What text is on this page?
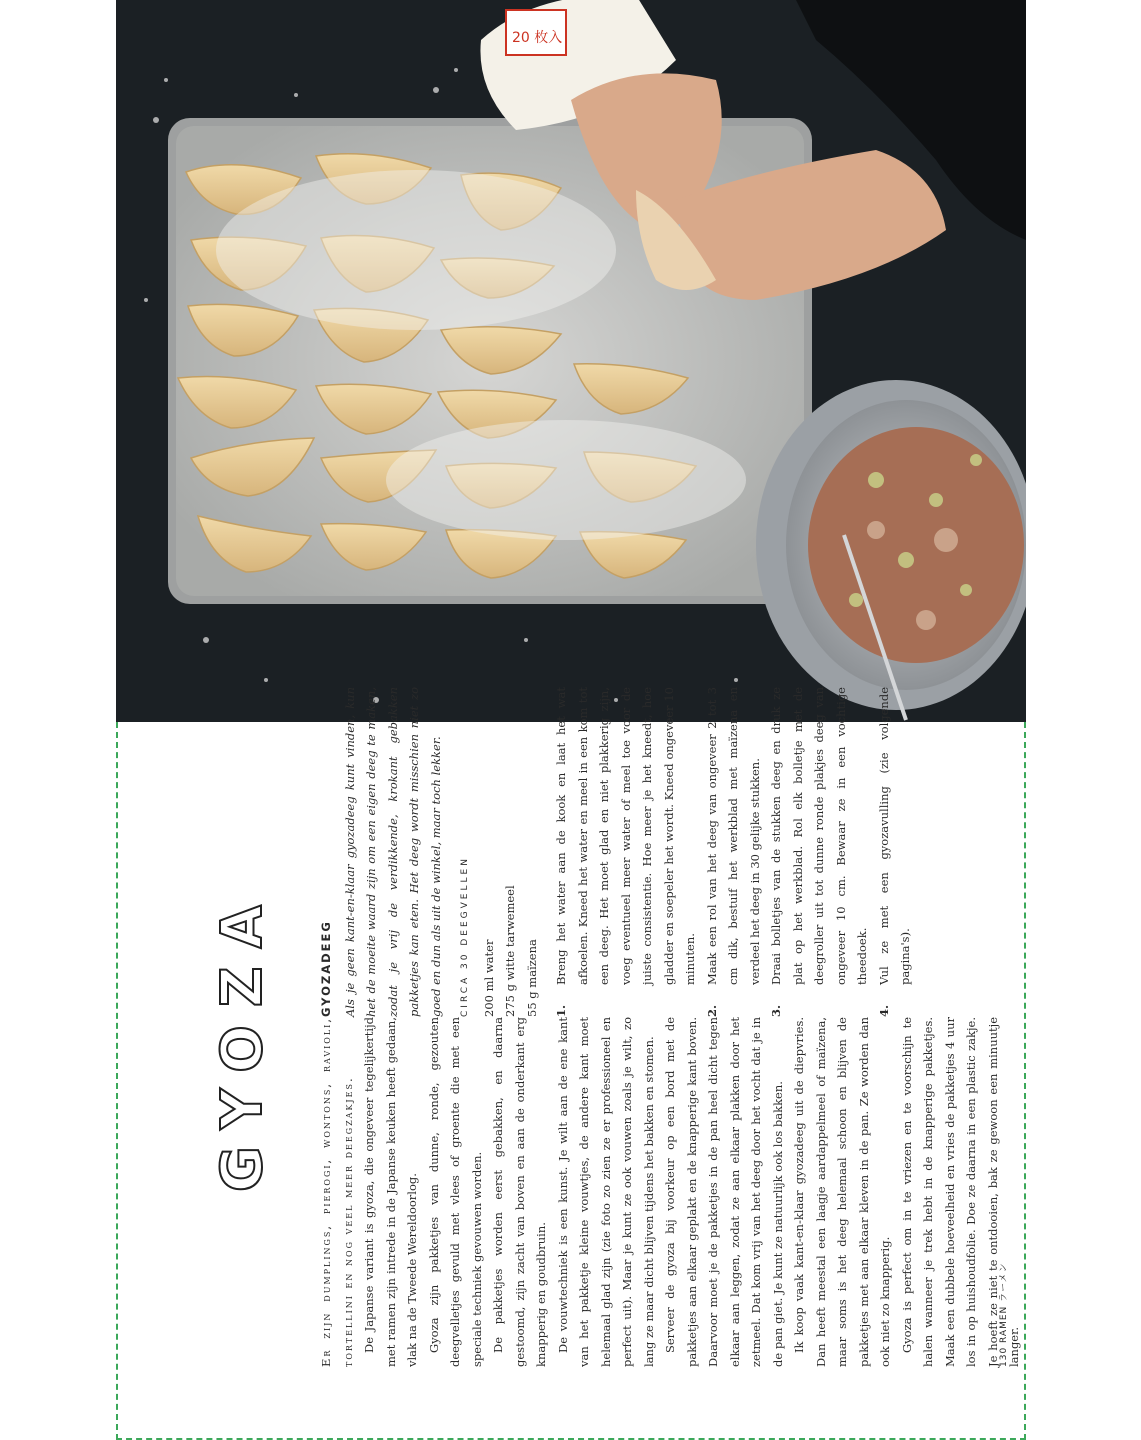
20 枚入
GYOZA	Er zijn dumplings, pierogi, wontons, ravioli, tortellini en nog veel meer deegzakjes. De Japanse variant is gyoza, die ongeveer tegelijkertijd met ramen zijn intrede in de Japanse keuken heeft gedaan, vlak na de Tweede Wereldoorlog. Gyoza zijn pakketjes van dunne, ronde, gezouten deegvelletjes gevuld met vlees of groente die met een speciale techniek gevouwen worden. De pakketjes worden eerst gebakken, en daarna gestoomd, zijn zacht van boven en aan de onderkant erg knapperig en goudbruin. De vouwtechniek is een kunst. Je wilt aan de ene kant van het pakketje kleine vouwtjes, de andere kant moet helemaal glad zijn (zie foto zo zien ze er professioneel en perfect uit). Maar je kunt ze ook vouwen zoals je wilt, zo lang ze maar dicht blijven tijdens het bakken en stomen. Serveer de gyoza bij voorkeur op een bord met de pakketjes aan elkaar geplakt en de knapperige kant boven. Daarvoor moet je de pakketjes in de pan heel dicht tegen elkaar aan leggen, zodat ze aan elkaar plakken door het zetmeel. Dat kom vrij van het deeg door het vocht dat je in de pan giet. Je kunt ze natuurlijk ook los bakken. Ik koop vaak kant-en-klaar gyozadeeg uit de diepvries. Dan heeft meestal een laagje aardappelmeel of maïzena, maar soms is het deeg helemaal schoon en blijven de pakketjes met aan elkaar kleven in de pan. Ze worden dan ook niet zo knapperig. Gyoza is perfect om in te vriezen en te voorschijn te halen wanneer je trek hebt in de knapperige pakketjes. Maak een dubbele hoeveelheid en vries de pakketjes 4 uur los in op huishoudfolie. Doe ze daarna in een plastic zakje. Je hoeft ze niet te ontdooien, bak ze gewoon een minuutje langer.

GYOZADEEG Als je geen kant-en-klaar gyozadeeg kunt vinden, kun het de moeite waard zijn om een eigen deeg te maken, zodat je vrij de verdikkende, krokant gebakken pakketjes kan eten. Het deeg wordt misschien niet zo goed en dun als uit de winkel, maar toch lekker.	CIRCA 30 DEEGVELLEN	200 ml water 275 g witte tarwemeel 55 g maïzena	1.
Breng het water aan de kook en laat het wat afkoelen. Kneed het water en meel in een kom tot een deeg. Het moet glad en niet plakkerig zijn, voeg eventueel meer water of meel toe voor de juiste consistentie. Hoe meer je het kneedt, hoe gladder en soepeler het wordt. Kneed ongeveer 10 minuten.
2.
Maak een rol van het deeg van ongeveer 2 tot 3 cm dik, bestuif het werkblad met maïzena en verdeel het deeg in 30 gelijke stukken.
3.
Draai bolletjes van de stukken deeg en druk ze plat op het werkblad. Rol elk bolletje met de deegroller uit tot dunne ronde plakjes deeg van ongeveer 10 cm. Bewaar ze in een vochtige theedoek.
4.
Vul ze met een gyozavulling (zie volgende pagina's).
130 RAMEN ラーメン
